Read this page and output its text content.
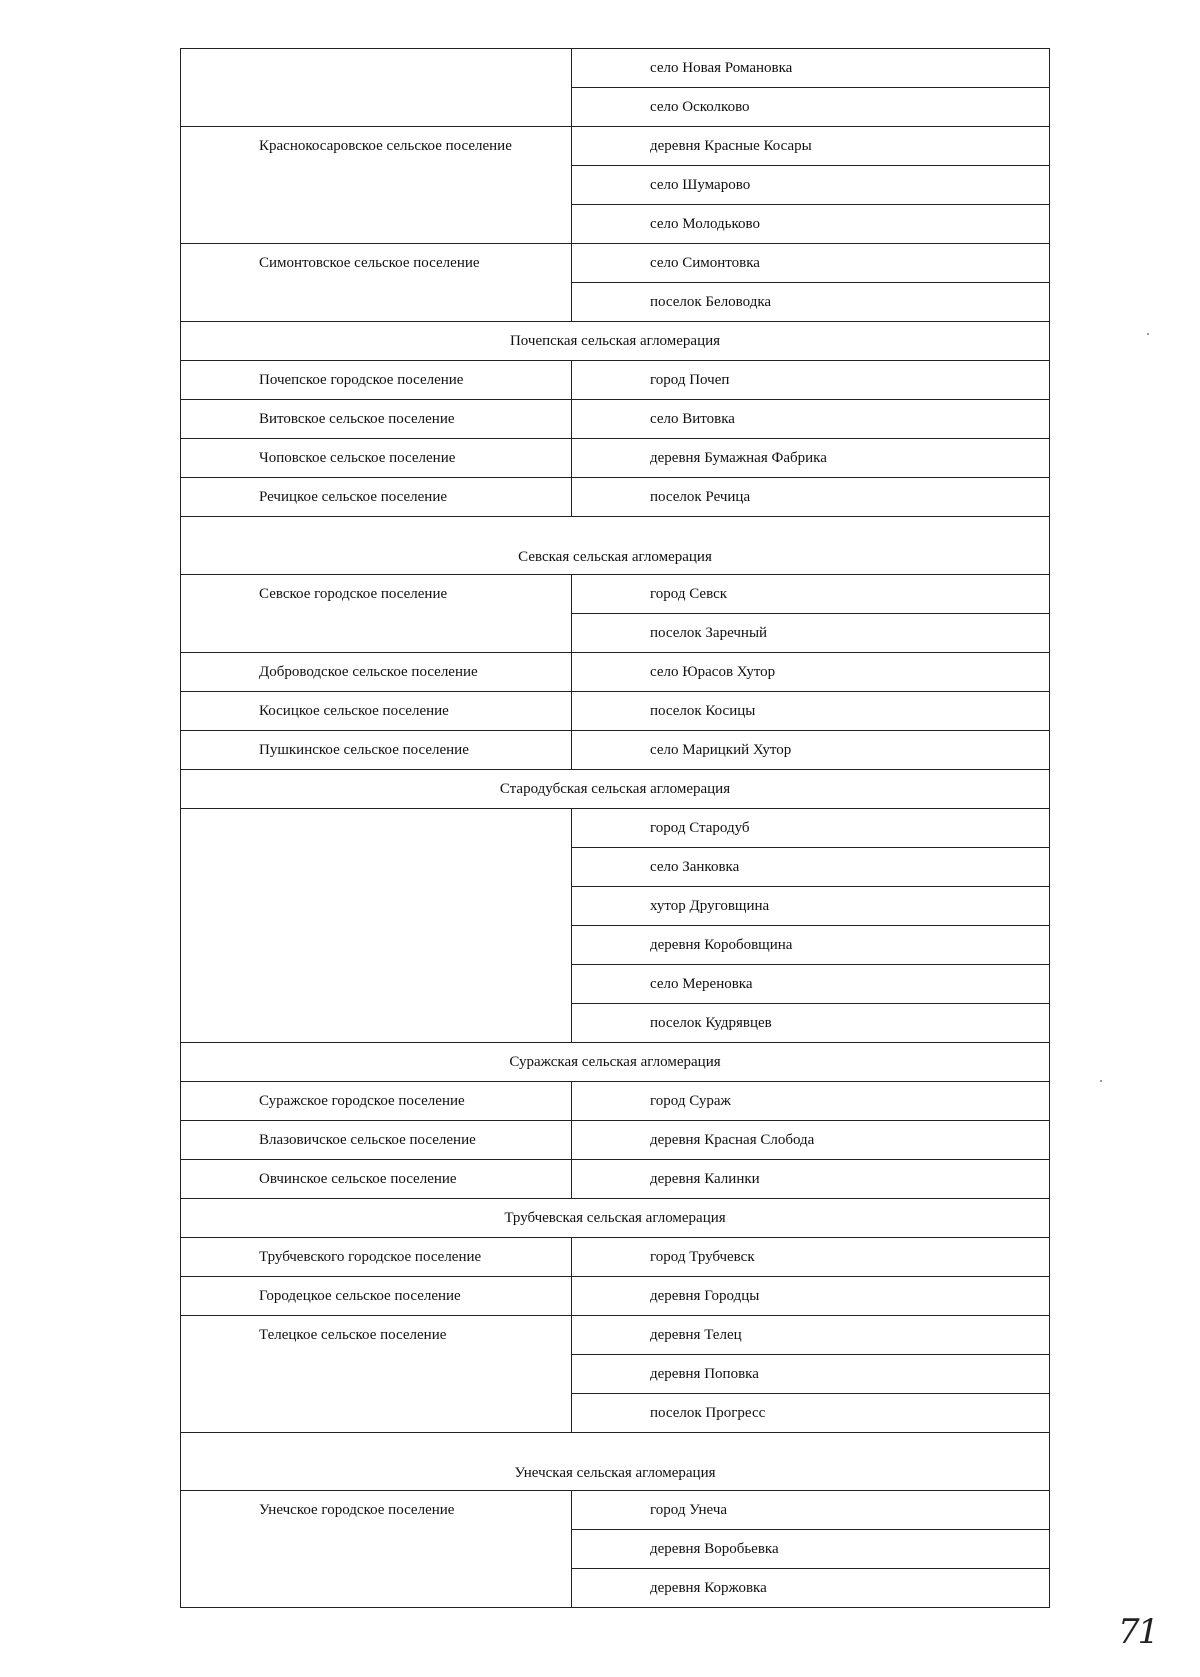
	село Новая Романовка
	село Осколково
Краснокосаровское сельское поселение	деревня Красные Косары
	село Шумарово
	село Молодьково
Симонтовское сельское поселение	село Симонтовка
	поселок Беловодка
Почепская сельская агломерация	
Почепское городское поселение	город Почеп
Витовское сельское поселение	село Витовка
Чоповское сельское поселение	деревня Бумажная Фабрика
Речицкое сельское поселение	поселок Речица
Севская сельская агломерация	
Севское городское поселение	город Севск
	поселок Заречный
Доброводское сельское поселение	село Юрасов Хутор
Косицкое сельское поселение	поселок Косицы
Пушкинское сельское поселение	село Марицкий Хутор
Стародубская сельская агломерация	
	город Стародуб
	село Занковка
	хутор Друговщина
	деревня Коробовщина
	село Мереновка
	поселок Кудрявцев
Суражская сельская агломерация	
Суражское городское поселение	город Сураж
Влазовичское сельское поселение	деревня Красная Слобода
Овчинское сельское поселение	деревня Калинки
Трубчевская сельская агломерация	
Трубчевского городское поселение	город Трубчевск
Городецкое сельское поселение	деревня Городцы
Телецкое сельское поселение	деревня Телец
	деревня Поповка
	поселок Прогресс
Унечская сельская агломерация	
Унечское городское поселение	город Унеча
	деревня Воробьевка
	деревня Коржовка
71
